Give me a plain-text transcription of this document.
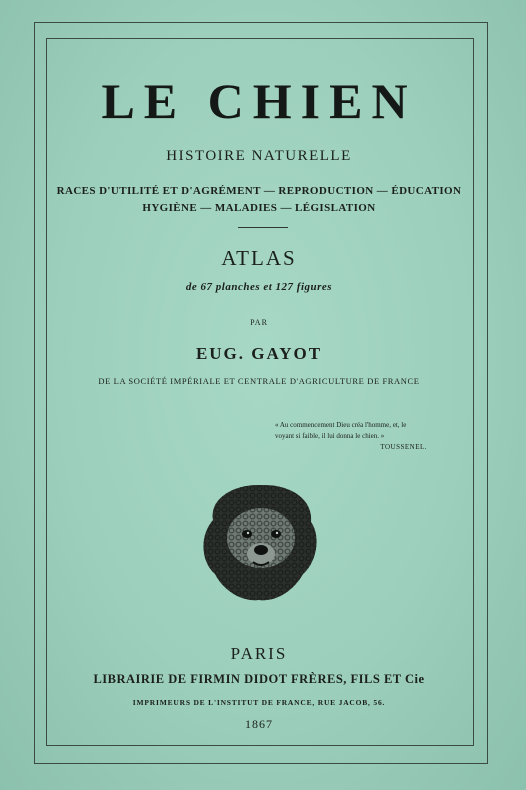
LE CHIEN
HISTOIRE NATURELLE
RACES D'UTILITÉ ET D'AGRÉMENT — REPRODUCTION — ÉDUCATION
HYGIÈNE — MALADIES — LÉGISLATION
ATLAS
de 67 planches et 127 figures
PAR
EUG. GAYOT
DE LA SOCIÉTÉ IMPÉRIALE ET CENTRALE D'AGRICULTURE DE FRANCE
« Au commencement Dieu créa l'homme, et, le
voyant si faible, il lui donna le chien. »
TOUSSENEL.
PARIS
LIBRAIRIE DE FIRMIN DIDOT FRÈRES, FILS ET Cie
IMPRIMEURS DE L'INSTITUT DE FRANCE, RUE JACOB, 56.
1867
